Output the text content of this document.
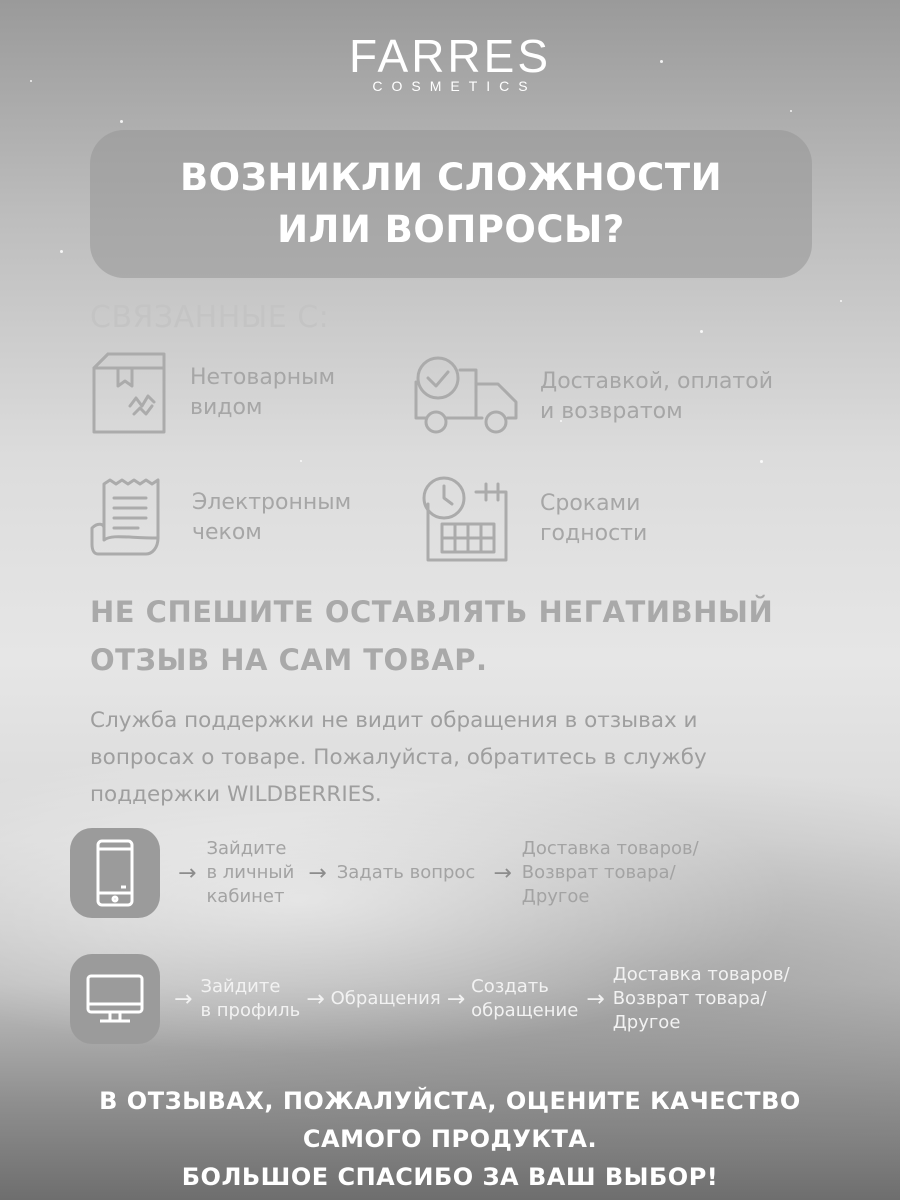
FARRES
COSMETICS
ВОЗНИКЛИ СЛОЖНОСТИ
ИЛИ ВОПРОСЫ?
СВЯЗАННЫЕ С:
Нетоварным
видом
Доставкой, оплатой
и возвратом
Электронным
чеком
Сроками
годности
НЕ СПЕШИТЕ ОСТАВЛЯТЬ НЕГАТИВНЫЙ
ОТЗЫВ НА САМ ТОВАР.
Служба поддержки не видит обращения в отзывах и
вопросах о товаре. Пожалуйста, обратитесь в службу
поддержки WILDBERRIES.
→
Зайдите
в личный
кабинет
→ Задать вопрос →
Доставка товаров/
Возврат товара/
Другое
→ Зайдите
в профиль → Обращения → Создать
обращение →
Доставка товаров/
Возврат товара/
Другое
В ОТЗЫВАХ, ПОЖАЛУЙСТА, ОЦЕНИТЕ КАЧЕСТВО
САМОГО ПРОДУКТА.
БОЛЬШОЕ СПАСИБО ЗА ВАШ ВЫБОР!
